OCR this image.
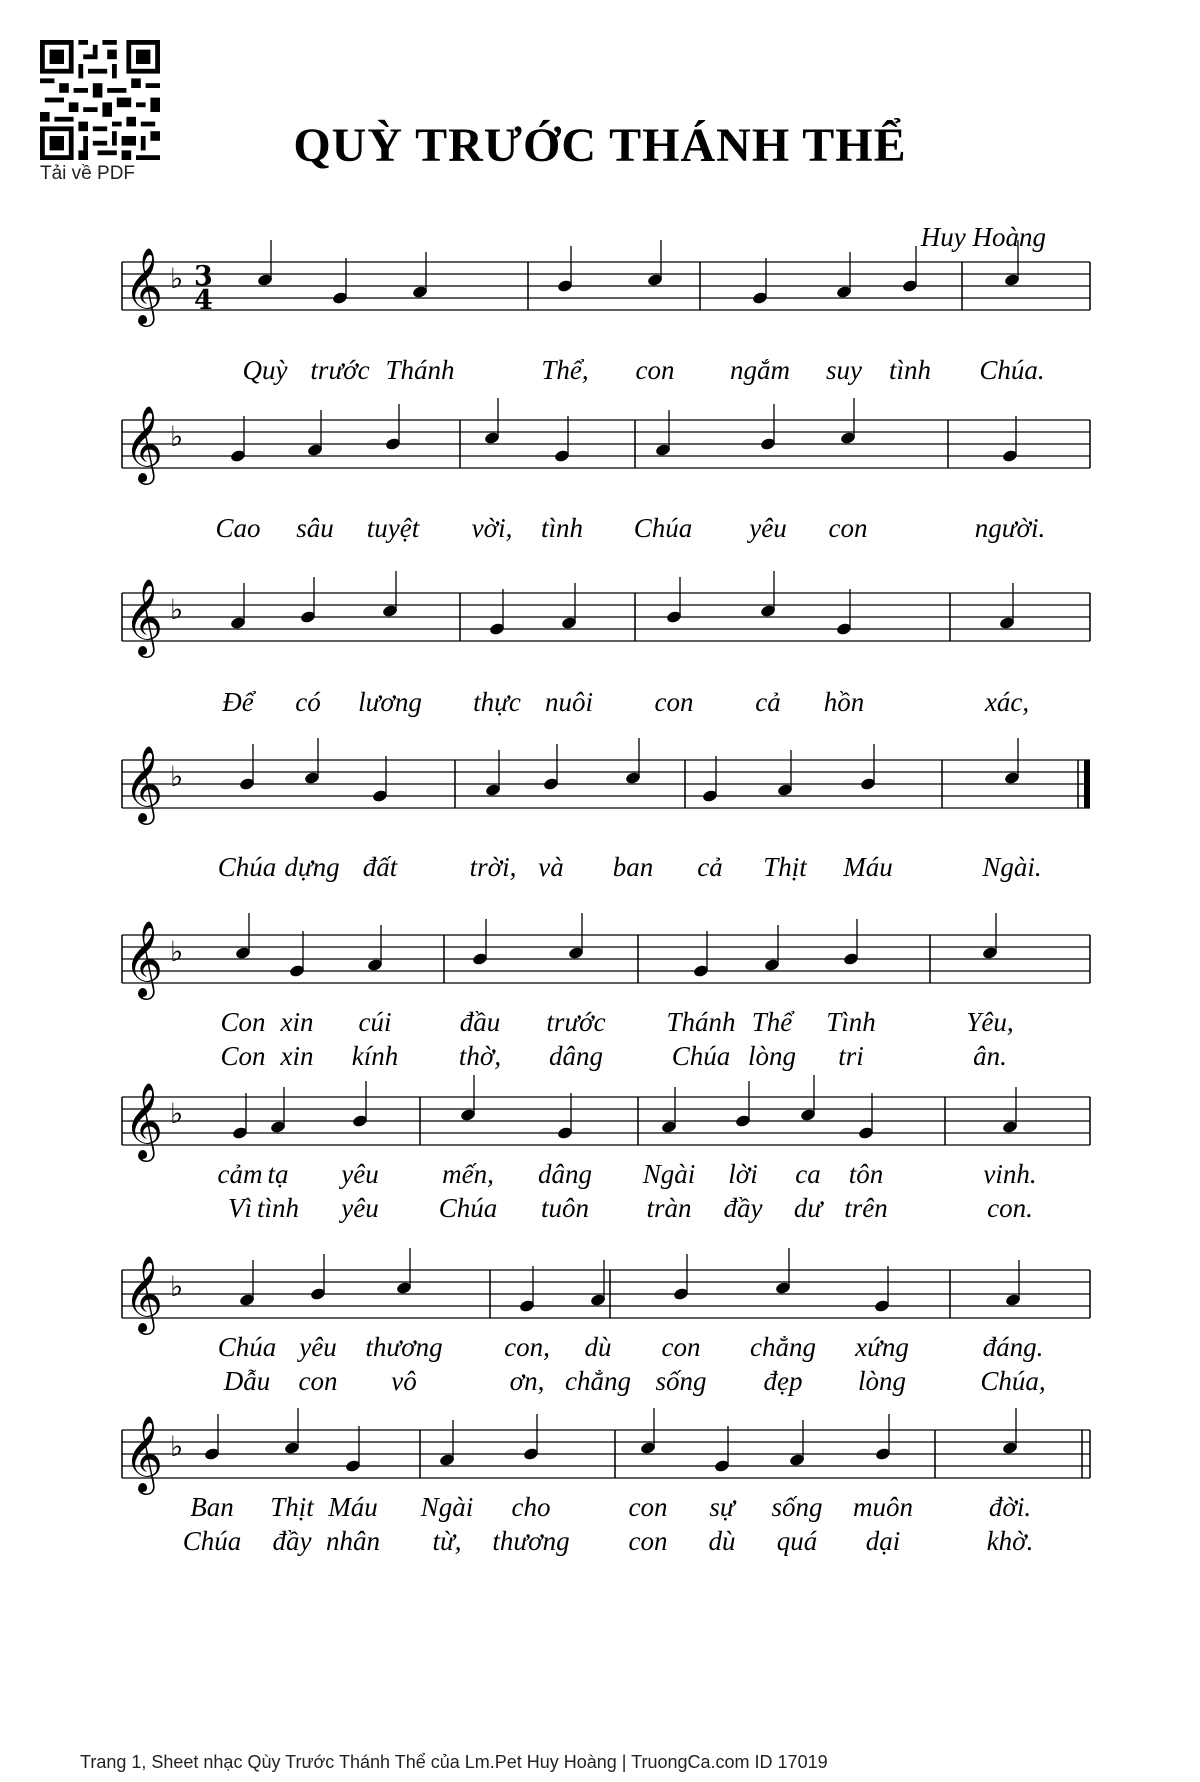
Tải về PDF
QUỲ TRƯỚC THÁNH THỂ
Huy Hoàng
𝄞 ♭ 3
4
Quỳ trước Thánh	Thể, con ngắm suy tình Chúa.
𝄞 ♭
Cao sâu tuyệt vời, tình Chúa yêu con	người.
𝄞 ♭
Để có lương thực nuôi con cả hồn	xác,
𝄞 ♭
Chúa dựng đất	trời, và ban cả Thịt Máu	Ngài.
𝄞 ♭
Con xin cúi	đầu trước Thánh Thể Tình	Yêu,
Con xin kính thờ, dâng	Chúa lòng tri	ân.
𝄞 ♭
cảm tạ yêu mến, dâng Ngài lời ca tôn	vinh.
Vì tình yêu Chúa tuôn tràn đầy dư trên	con.
𝄞 ♭
Chúa yêu thương con, dù con chẳng xứng	đáng.
Dẫu con vô	ơn, chẳng sống đẹp lòng	Chúa,
𝄞 ♭
Ban Thịt Máu Ngài cho	con sự sống muôn	đời.
Chúa đầy nhân từ, thương con dù quá dại	khờ.
Trang 1, Sheet nhạc Qùy Trước Thánh Thể của Lm.Pet Huy Hoàng | TruongCa.com ID 17019
